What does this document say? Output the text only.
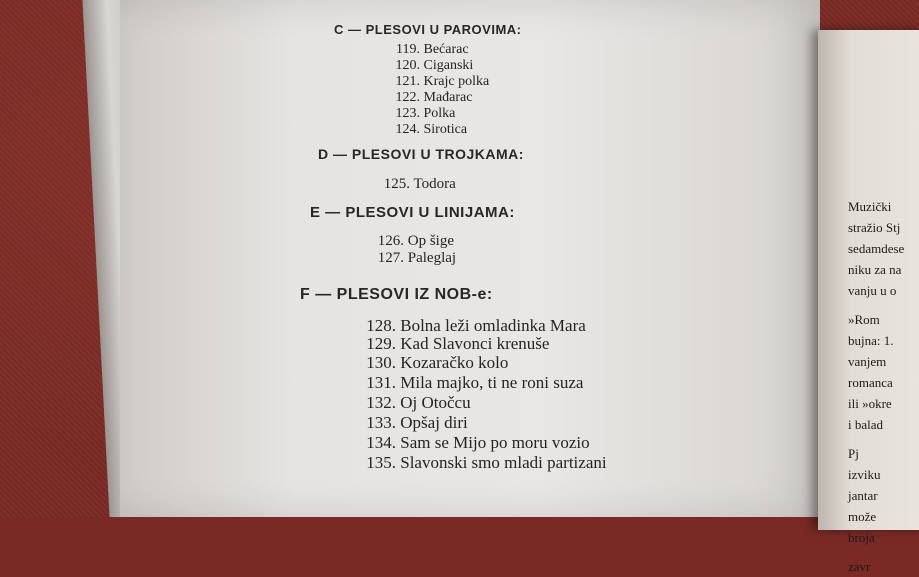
Muzički
stražio Stj
sedamdese
niku za na
vanju u o
»Rom
bujna: 1.
vanjem
romanca
ili »okre
i balad
Pj
izviku
jantar
može
broja
zavr
C — PLESOVI U PAROVIMA:
119. Bećarac
120. Ciganski
121. Krajc polka
122. Mađarac
123. Polka
124. Sirotica
D — PLESOVI U TROJKAMA:
125. Todora
E — PLESOVI U LINIJAMA:
126. Op šige
127. Paleglaj
F — PLESOVI IZ NOB-e:
128. Bolna leži omladinka Mara
129. Kad Slavonci krenuše
130. Kozaračko kolo
131. Mila majko, ti ne roni suza
132. Oj Otočcu
133. Opšaj diri
134. Sam se Mijo po moru vozio
135. Slavonski smo mladi partizani
